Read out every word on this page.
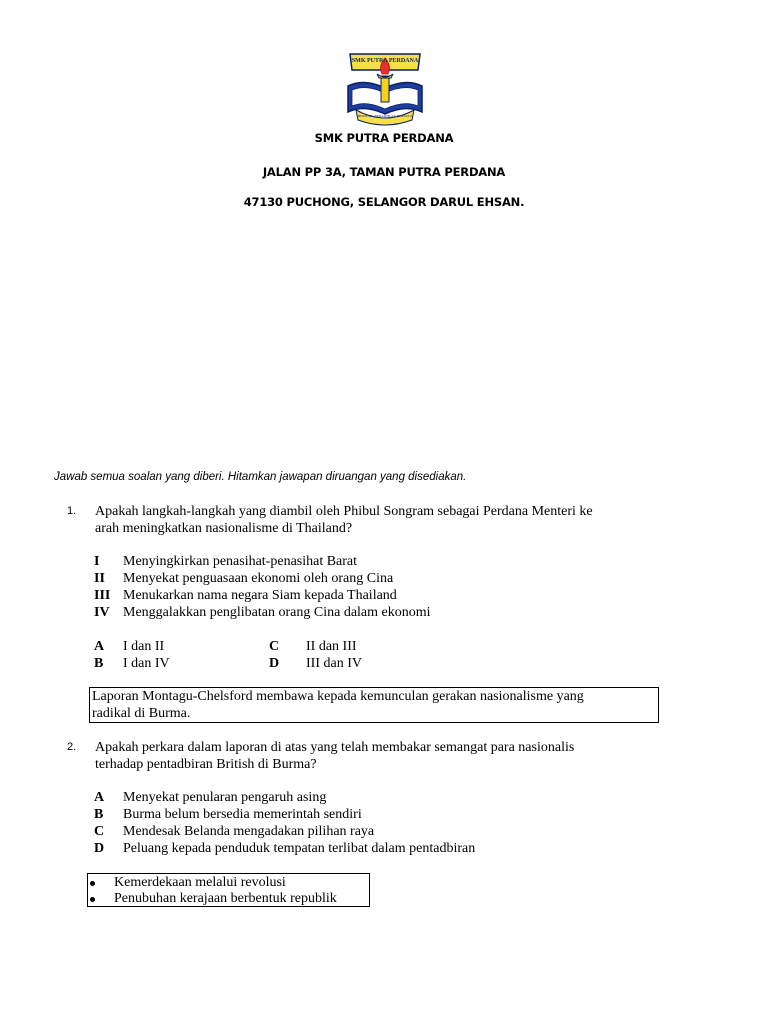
SMK PUTRA PERDANA
BERILMU BERAKHLAK BERJASA
SMK PUTRA PERDANA
JALAN PP 3A, TAMAN PUTRA PERDANA
47130 PUCHONG, SELANGOR DARUL EHSAN.
Jawab semua soalan yang diberi. Hitamkan jawapan diruangan yang disediakan.
1. Apakah langkah-langkah yang diambil oleh Phibul Songram sebagai Perdana Menteri ke
arah meningkatkan nasionalisme di Thailand?
I Menyingkirkan penasihat-penasihat Barat
II Menyekat penguasaan ekonomi oleh orang Cina
III Menukarkan nama negara Siam kepada Thailand
IV Menggalakkan penglibatan orang Cina dalam ekonomi
A I dan II
B I dan IV
C II dan III
D III dan IV
Laporan Montagu-Chelsford membawa kepada kemunculan gerakan nasionalisme yang
radikal di Burma.
2. Apakah perkara dalam laporan di atas yang telah membakar semangat para nasionalis
terhadap pentadbiran British di Burma?
A Menyekat penularan pengaruh asing
B Burma belum bersedia memerintah sendiri
C Mendesak Belanda mengadakan pilihan raya
D Peluang kepada penduduk tempatan terlibat dalam pentadbiran
Kemerdekaan melalui revolusi
Penubuhan kerajaan berbentuk republik
